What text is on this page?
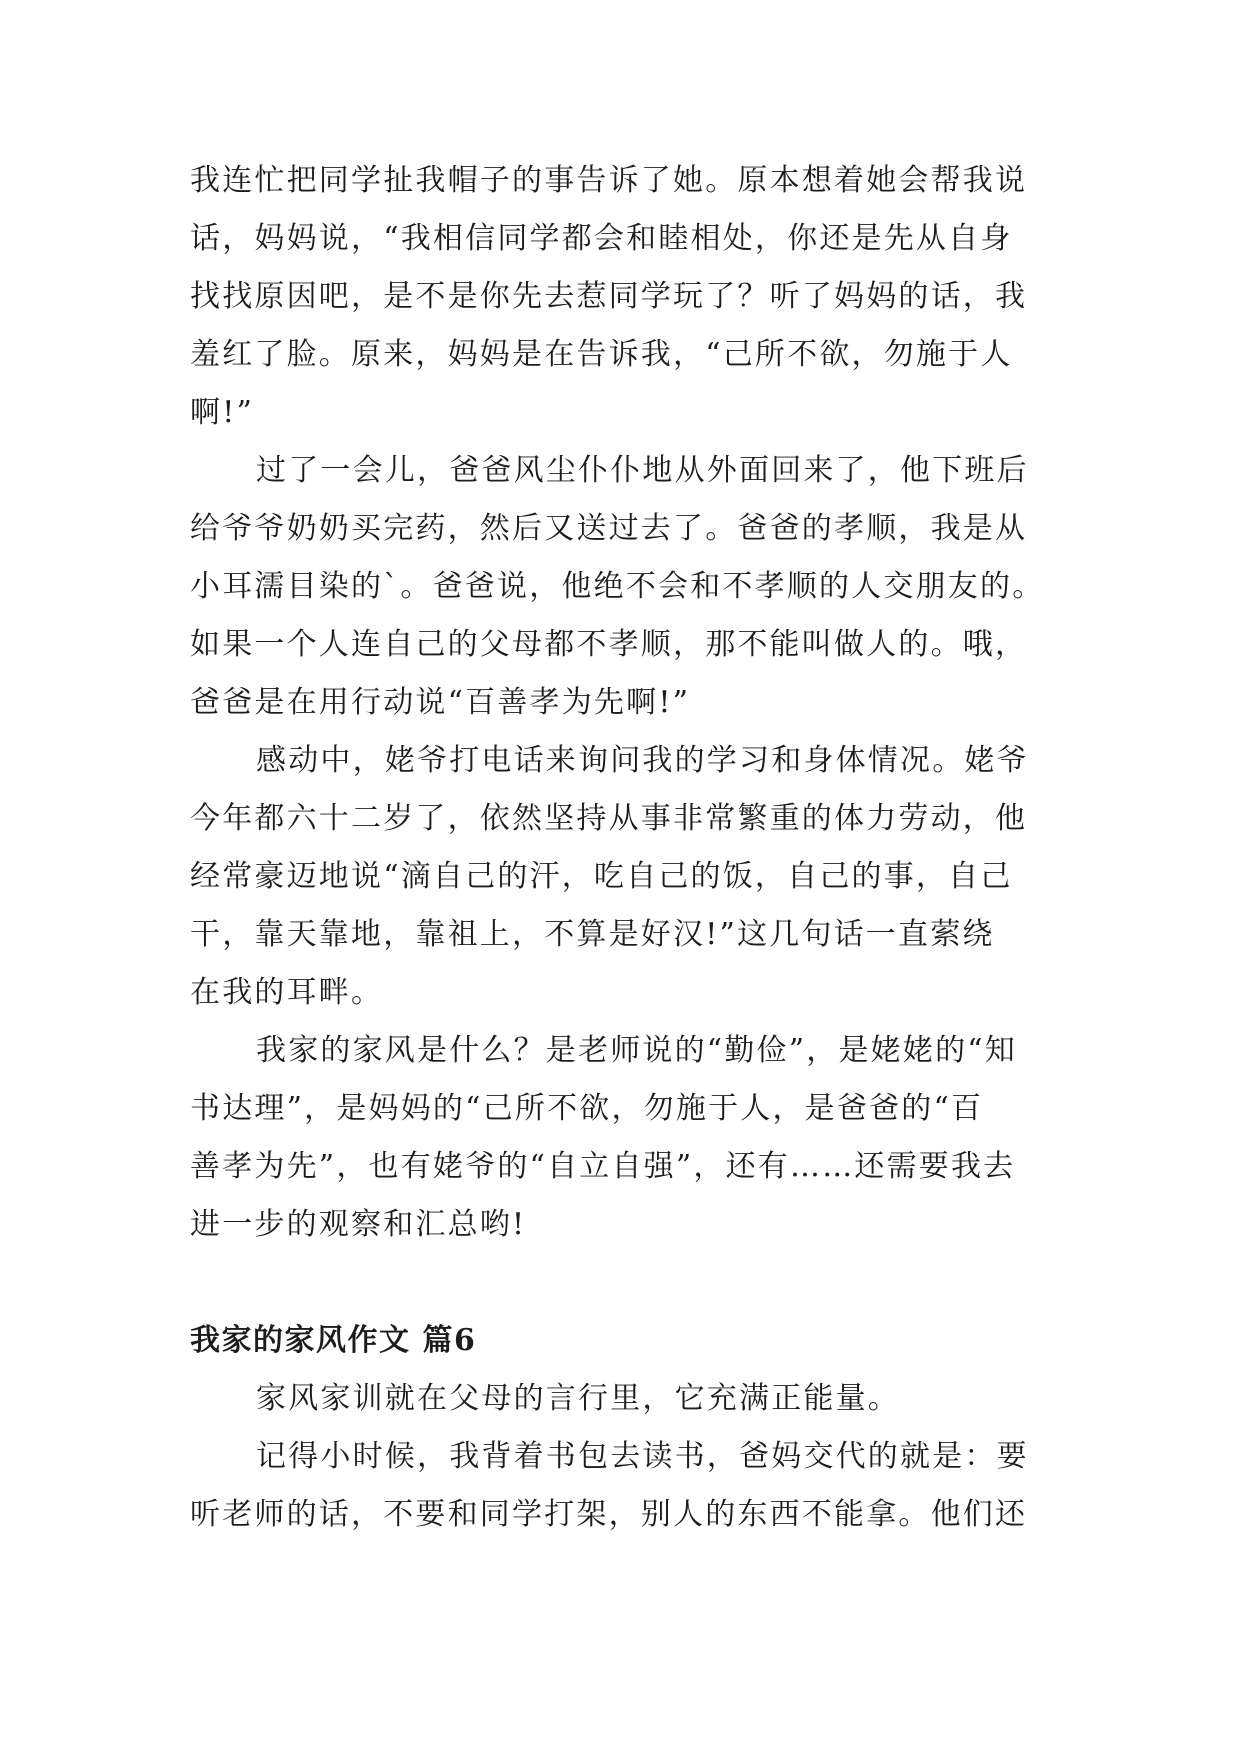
我连忙把同学扯我帽子的事告诉了她。原本想着她会帮我说

话，妈妈说，“我相信同学都会和睦相处，你还是先从自身

找找原因吧，是不是你先去惹同学玩了？听了妈妈的话，我

羞红了脸。原来，妈妈是在告诉我，“己所不欲，勿施于人

啊!”

过了一会儿，爸爸风尘仆仆地从外面回来了，他下班后

给爷爷奶奶买完药，然后又送过去了。爸爸的孝顺，我是从

小耳濡目染的`。爸爸说，他绝不会和不孝顺的人交朋友的。

如果一个人连自己的父母都不孝顺，那不能叫做人的。哦，

爸爸是在用行动说“百善孝为先啊!”

感动中，姥爷打电话来询问我的学习和身体情况。姥爷

今年都六十二岁了，依然坚持从事非常繁重的体力劳动，他

经常豪迈地说“滴自己的汗，吃自己的饭，自己的事，自己

干，靠天靠地，靠祖上，不算是好汉!”这几句话一直萦绕

在我的耳畔。

我家的家风是什么？是老师说的“勤俭”，是姥姥的“知

书达理”，是妈妈的“己所不欲，勿施于人，是爸爸的“百

善孝为先”，也有姥爷的“自立自强”，还有……还需要我去

进一步的观察和汇总哟!

我家的家风作文 篇6

家风家训就在父母的言行里，它充满正能量。

记得小时候，我背着书包去读书，爸妈交代的就是：要

听老师的话，不要和同学打架，别人的东西不能拿。他们还
